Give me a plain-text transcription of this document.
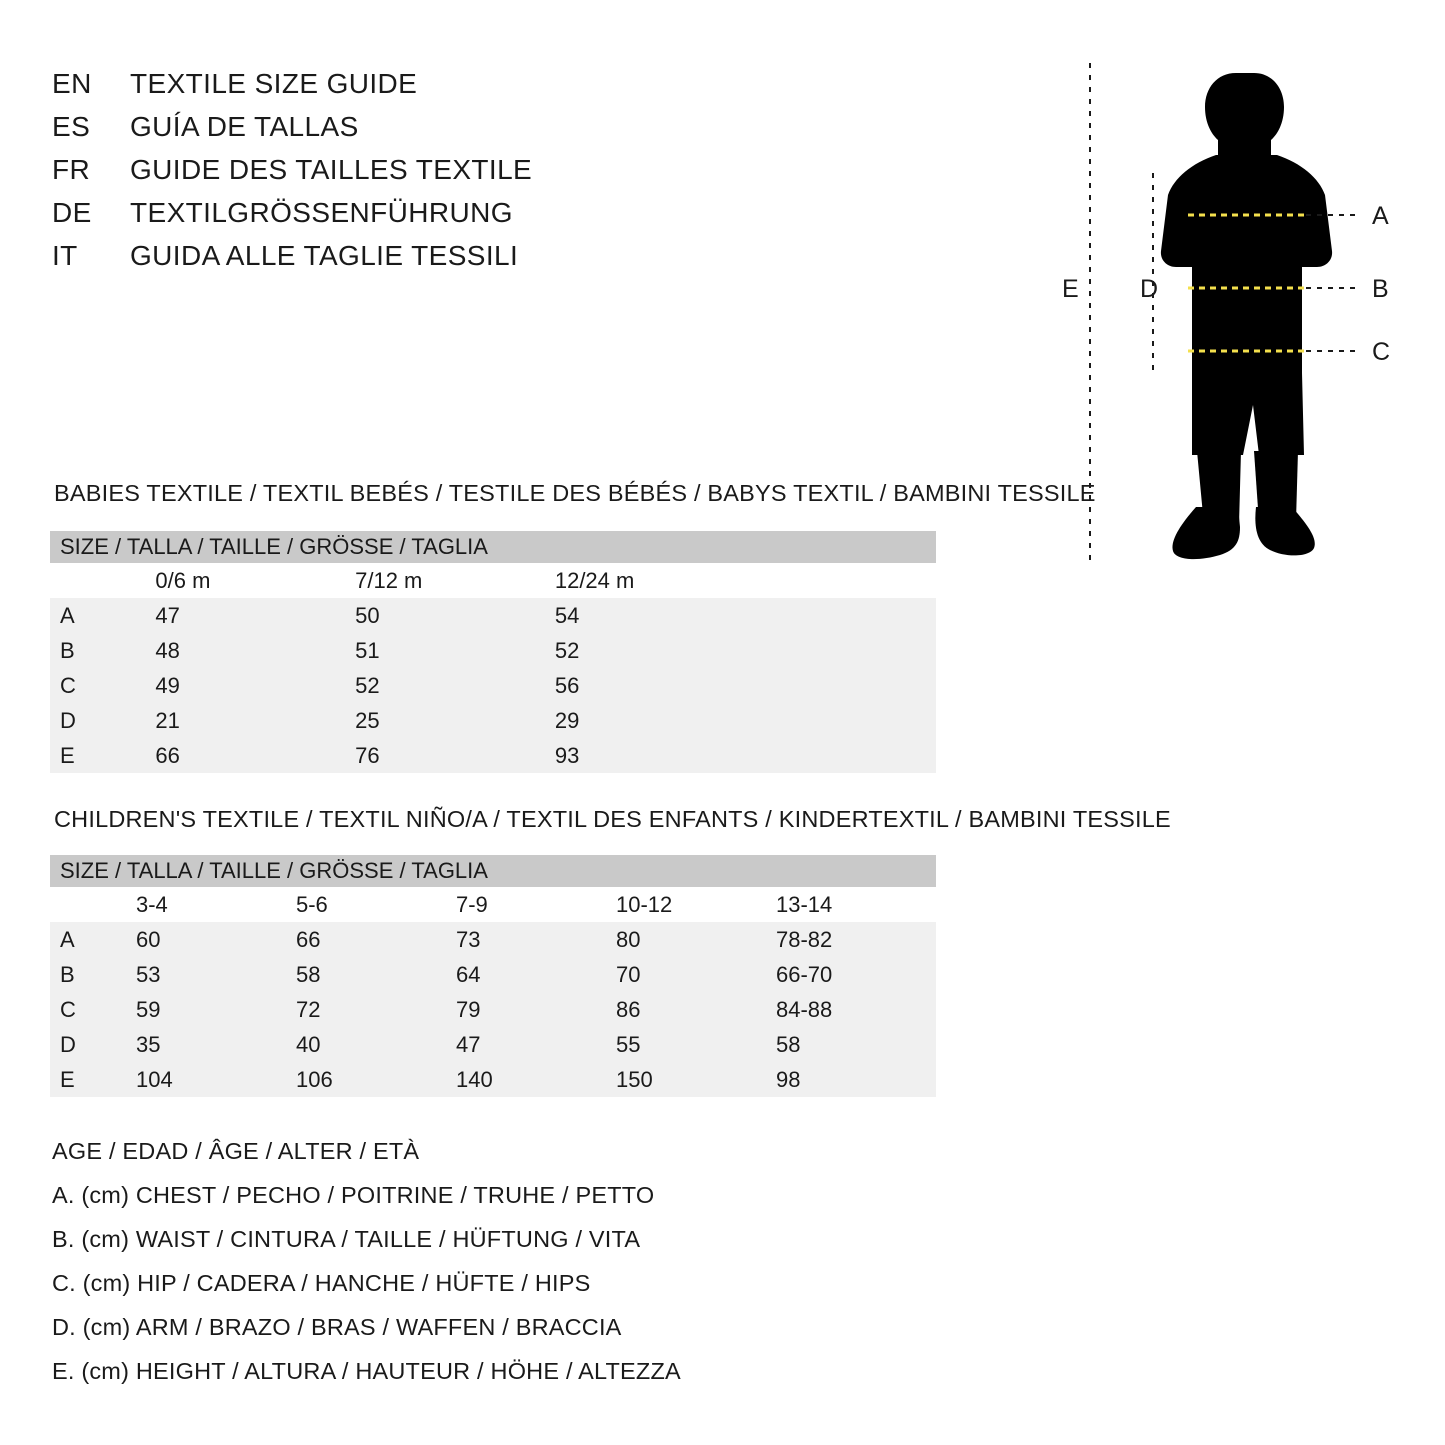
EN	TEXTILE SIZE GUIDE
ES	GUÍA DE TALLAS
FR	GUIDE DES TAILLES TEXTILE
DE	TEXTILGRÖSSENFÜHRUNG
IT	GUIDA ALLE TAGLIE TESSILI
A
B
C
D
E
BABIES TEXTILE / TEXTIL BEBÉS / TESTILE DES BÉBÉS / BABYS TEXTIL / BAMBINI TESSILE
SIZE / TALLA / TAILLE / GRÖSSE / TAGLIA			
	0/6 m	7/12 m	12/24 m
A	47	50	54
B	48	51	52
C	49	52	56
D	21	25	29
E	66	76	93
CHILDREN'S TEXTILE / TEXTIL NIÑO/A / TEXTIL DES ENFANTS / KINDERTEXTIL / BAMBINI TESSILE
SIZE / TALLA / TAILLE / GRÖSSE / TAGLIA					
	3-4	5-6	7-9	10-12	13-14
A	60	66	73	80	78-82
B	53	58	64	70	66-70
C	59	72	79	86	84-88
D	35	40	47	55	58
E	104	106	140	150	98
AGE / EDAD / ÂGE / ALTER / ETÀ
A. (cm) CHEST / PECHO / POITRINE / TRUHE / PETTO
B. (cm) WAIST / CINTURA / TAILLE / HÜFTUNG / VITA
C. (cm) HIP / CADERA / HANCHE / HÜFTE / HIPS
D. (cm) ARM / BRAZO / BRAS / WAFFEN / BRACCIA
E. (cm) HEIGHT / ALTURA / HAUTEUR / HÖHE / ALTEZZA
